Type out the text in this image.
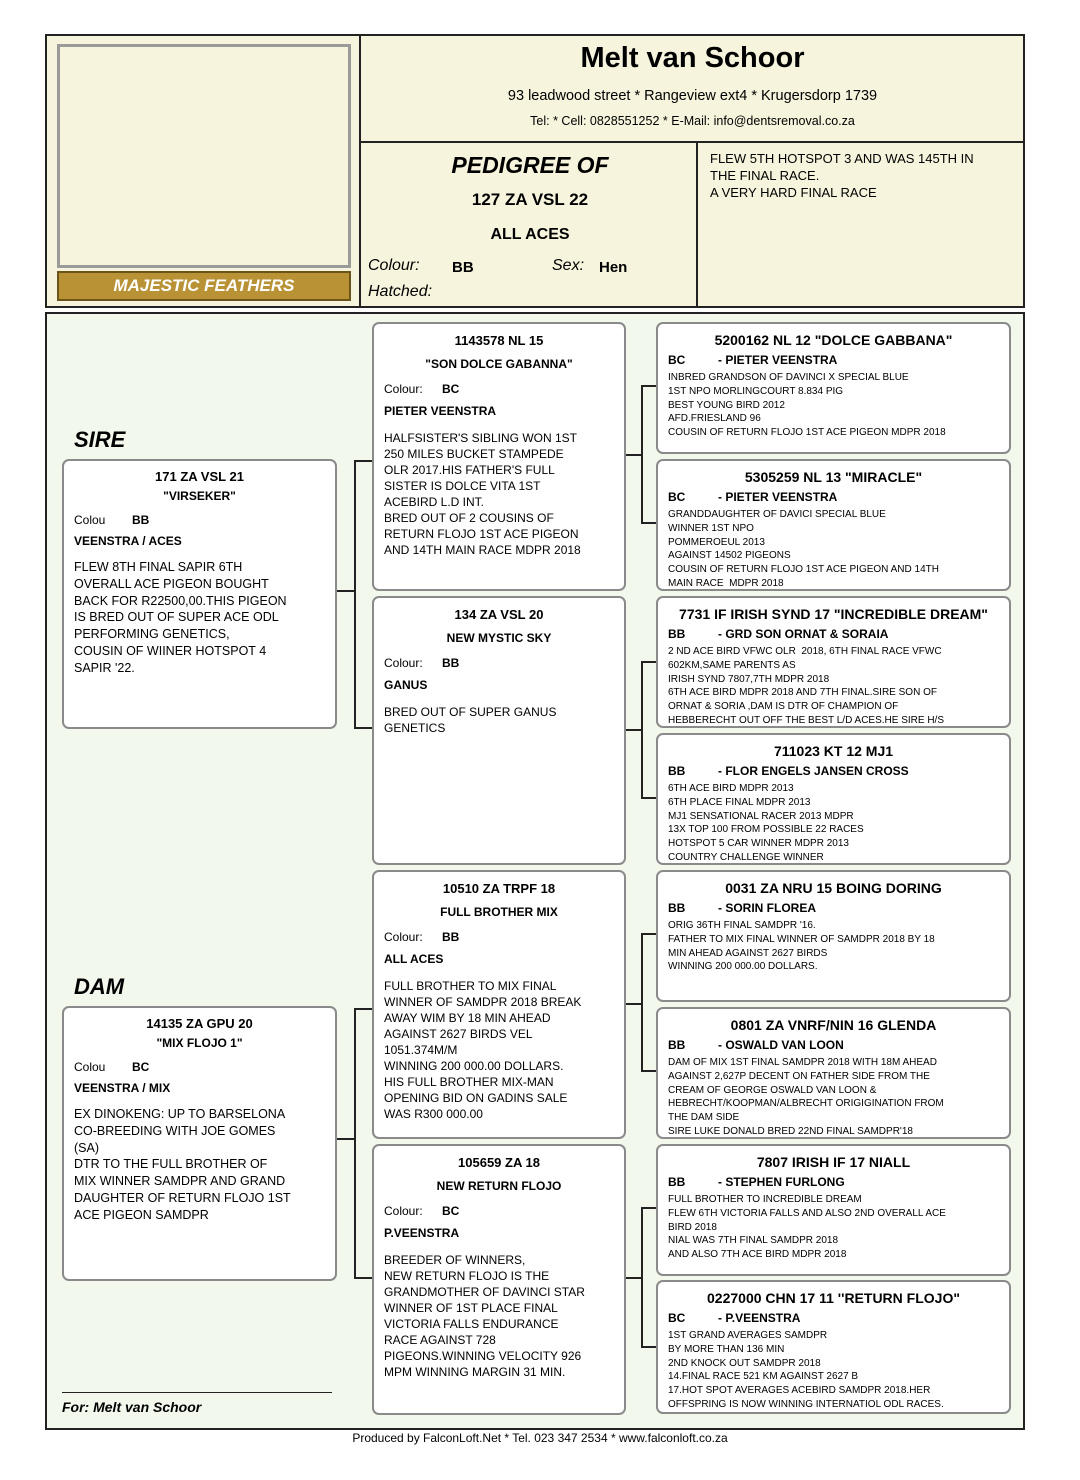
MAJESTIC FEATHERS
Melt van Schoor
93 leadwood street * Rangeview ext4 * Krugersdorp 1739
Tel: * Cell: 0828551252 * E-Mail: info@dentsremoval.co.za
PEDIGREE OF
127 ZA VSL 22
ALL ACES
Colour: BB	Sex: Hen
Hatched:
FLEW 5TH HOTSPOT 3 AND WAS 145TH IN
THE FINAL RACE.
A VERY HARD FINAL RACE
SIRE
DAM
171 ZA VSL 21
"VIRSEKER"
Colou	BB
VEENSTRA / ACES
FLEW 8TH FINAL SAPIR 6TH
OVERALL ACE PIGEON BOUGHT
BACK FOR R22500,00.THIS PIGEON
IS BRED OUT OF SUPER ACE ODL
PERFORMING GENETICS,
COUSIN OF WIINER HOTSPOT 4
SAPIR '22.
14135 ZA GPU 20
"MIX FLOJO 1"
Colou	BC
VEENSTRA / MIX
EX DINOKENG: UP TO BARSELONA
CO-BREEDING WITH JOE GOMES
(SA)
DTR TO THE FULL BROTHER OF
MIX WINNER SAMDPR AND GRAND
DAUGHTER OF RETURN FLOJO 1ST
ACE PIGEON SAMDPR
1143578 NL 15
"SON DOLCE GABANNA"
Colour:	BC
PIETER VEENSTRA
HALFSISTER'S SIBLING WON 1ST
250 MILES BUCKET STAMPEDE
OLR 2017.HIS FATHER'S FULL
SISTER IS DOLCE VITA 1ST
ACEBIRD L.D INT.
BRED OUT OF 2 COUSINS OF
RETURN FLOJO 1ST ACE PIGEON
AND 14TH MAIN RACE MDPR 2018
134 ZA VSL 20
NEW MYSTIC SKY
Colour:	BB
GANUS
BRED OUT OF SUPER GANUS
GENETICS
10510 ZA TRPF 18
FULL BROTHER MIX
Colour:	BB
ALL ACES
FULL BROTHER TO MIX FINAL
WINNER OF SAMDPR 2018 BREAK
AWAY WIM BY 18 MIN AHEAD
AGAINST 2627 BIRDS VEL
1051.374M/M
WINNING 200 000.00 DOLLARS.
HIS FULL BROTHER MIX-MAN
OPENING BID ON GADINS SALE
WAS R300 000.00
105659 ZA 18
NEW RETURN FLOJO
Colour:	BC
P.VEENSTRA
BREEDER OF WINNERS,
NEW RETURN FLOJO IS THE
GRANDMOTHER OF DAVINCI STAR
WINNER OF 1ST PLACE FINAL
VICTORIA FALLS ENDURANCE
RACE AGAINST 728
PIGEONS.WINNING VELOCITY 926
MPM WINNING MARGIN 31 MIN.
5200162 NL 12 "DOLCE GABBANA"
BC	- PIETER VEENSTRA
INBRED GRANDSON OF DAVINCI X SPECIAL BLUE
1ST NPO MORLINGCOURT 8.834 PIG
BEST YOUNG BIRD 2012
AFD.FRIESLAND 96
COUSIN OF RETURN FLOJO 1ST ACE PIGEON MDPR 2018
5305259 NL 13 "MIRACLE"
BC	- PIETER VEENSTRA
GRANDDAUGHTER OF DAVICI SPECIAL BLUE
WINNER 1ST NPO
POMMEROEUL 2013
AGAINST 14502 PIGEONS
COUSIN OF RETURN FLOJO 1ST ACE PIGEON AND 14TH
MAIN RACE  MDPR 2018
7731 IF IRISH SYND 17 "INCREDIBLE DREAM"
BB	- GRD SON ORNAT & SORAIA
2 ND ACE BIRD VFWC OLR  2018, 6TH FINAL RACE VFWC
602KM,SAME PARENTS AS
IRISH SYND 7807,7TH MDPR 2018
6TH ACE BIRD MDPR 2018 AND 7TH FINAL.SIRE SON OF
ORNAT & SORIA ,DAM IS DTR OF CHAMPION OF
HEBBERECHT OUT OFF THE BEST L/D ACES.HE SIRE H/S
711023 KT 12 MJ1
BB	- FLOR ENGELS JANSEN CROSS
6TH ACE BIRD MDPR 2013
6TH PLACE FINAL MDPR 2013
MJ1 SENSATIONAL RACER 2013 MDPR
13X TOP 100 FROM POSSIBLE 22 RACES
HOTSPOT 5 CAR WINNER MDPR 2013
COUNTRY CHALLENGE WINNER
0031 ZA NRU 15 BOING DORING
BB	- SORIN FLOREA
ORIG 36TH FINAL SAMDPR '16.
FATHER TO MIX FINAL WINNER OF SAMDPR 2018 BY 18
MIN AHEAD AGAINST 2627 BIRDS
WINNING 200 000.00 DOLLARS.
0801 ZA VNRF/NIN 16 GLENDA
BB	- OSWALD VAN LOON
DAM OF MIX 1ST FINAL SAMDPR 2018 WITH 18M AHEAD
AGAINST 2,627P DECENT ON FATHER SIDE FROM THE
CREAM OF GEORGE OSWALD VAN LOON &
HEBRECHT/KOOPMAN/ALBRECHT ORIGIGINATION FROM
THE DAM SIDE
SIRE LUKE DONALD BRED 22ND FINAL SAMDPR'18
7807 IRISH IF 17 NIALL
BB	- STEPHEN FURLONG
FULL BROTHER TO INCREDIBLE DREAM
FLEW 6TH VICTORIA FALLS AND ALSO 2ND OVERALL ACE
BIRD 2018
NIAL WAS 7TH FINAL SAMDPR 2018
AND ALSO 7TH ACE BIRD MDPR 2018
0227000 CHN 17 11 ''RETURN FLOJO"
BC	- P.VEENSTRA
1ST GRAND AVERAGES SAMDPR
BY MORE THAN 136 MIN
2ND KNOCK OUT SAMDPR 2018
14.FINAL RACE 521 KM AGAINST 2627 B
17.HOT SPOT AVERAGES ACEBIRD SAMDPR 2018.HER
OFFSPRING IS NOW WINNING INTERNATIOL ODL RACES.
For: Melt van Schoor
Produced by FalconLoft.Net * Tel. 023 347 2534 * www.falconloft.co.za
